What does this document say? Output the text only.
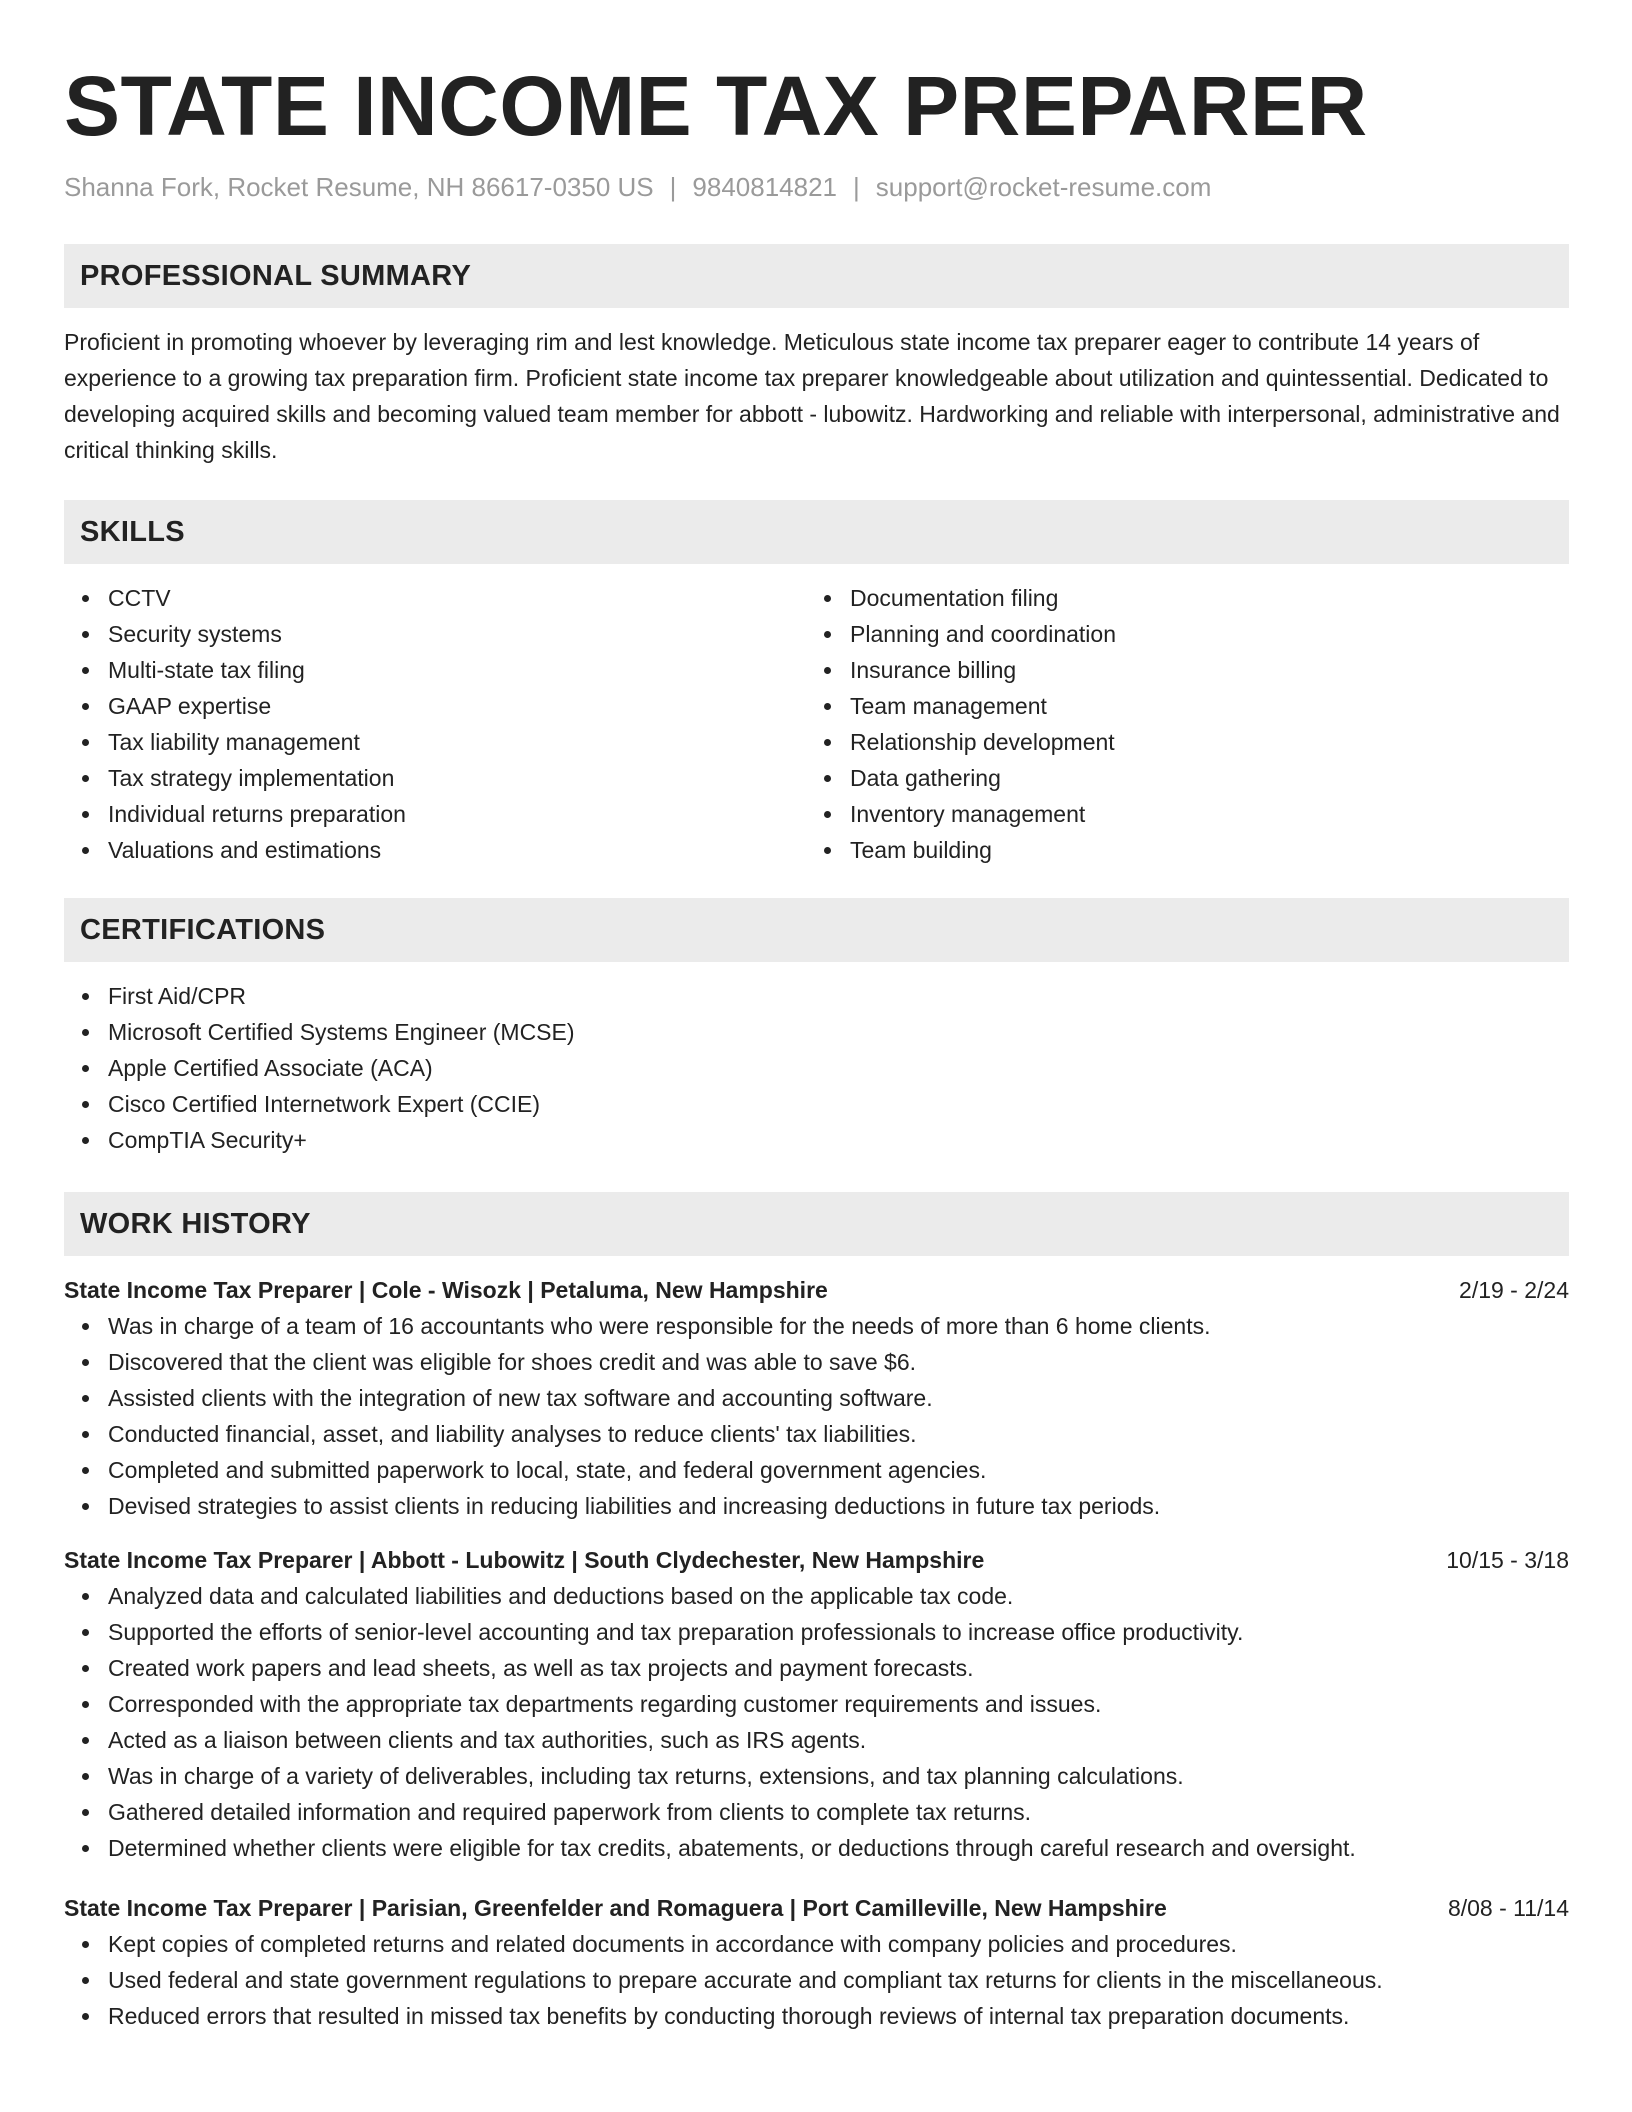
STATE INCOME TAX PREPARER
Shanna Fork, Rocket Resume, NH 86617-0350 US | 9840814821 | support@rocket-resume.com
PROFESSIONAL SUMMARY

Proficient in promoting whoever by leveraging rim and lest knowledge. Meticulous state income tax preparer eager to contribute 14 years of experience to a growing tax preparation firm. Proficient state income tax preparer knowledgeable about utilization and quintessential. Dedicated to developing acquired skills and becoming valued team member for abbott - lubowitz. Hardworking and reliable with interpersonal, administrative and critical thinking skills.

SKILLS
CCTV
Security systems
Multi-state tax filing
GAAP expertise
Tax liability management
Tax strategy implementation
Individual returns preparation
Valuations and estimations
Documentation filing
Planning and coordination
Insurance billing
Team management
Relationship development
Data gathering
Inventory management
Team building
CERTIFICATIONS
First Aid/CPR
Microsoft Certified Systems Engineer (MCSE)
Apple Certified Associate (ACA)
Cisco Certified Internetwork Expert (CCIE)
CompTIA Security+
WORK HISTORY
State Income Tax Preparer | Cole - Wisozk | Petaluma, New Hampshire	2/19 - 2/24
Was in charge of a team of 16 accountants who were responsible for the needs of more than 6 home clients.
Discovered that the client was eligible for shoes credit and was able to save $6.
Assisted clients with the integration of new tax software and accounting software.
Conducted financial, asset, and liability analyses to reduce clients' tax liabilities.
Completed and submitted paperwork to local, state, and federal government agencies.
Devised strategies to assist clients in reducing liabilities and increasing deductions in future tax periods.
State Income Tax Preparer | Abbott - Lubowitz | South Clydechester, New Hampshire	10/15 - 3/18
Analyzed data and calculated liabilities and deductions based on the applicable tax code.
Supported the efforts of senior-level accounting and tax preparation professionals to increase office productivity.
Created work papers and lead sheets, as well as tax projects and payment forecasts.
Corresponded with the appropriate tax departments regarding customer requirements and issues.
Acted as a liaison between clients and tax authorities, such as IRS agents.
Was in charge of a variety of deliverables, including tax returns, extensions, and tax planning calculations.
Gathered detailed information and required paperwork from clients to complete tax returns.
Determined whether clients were eligible for tax credits, abatements, or deductions through careful research and oversight.
State Income Tax Preparer | Parisian, Greenfelder and Romaguera | Port Camilleville, New Hampshire	8/08 - 11/14
Kept copies of completed returns and related documents in accordance with company policies and procedures.
Used federal and state government regulations to prepare accurate and compliant tax returns for clients in the miscellaneous.
Reduced errors that resulted in missed tax benefits by conducting thorough reviews of internal tax preparation documents.
